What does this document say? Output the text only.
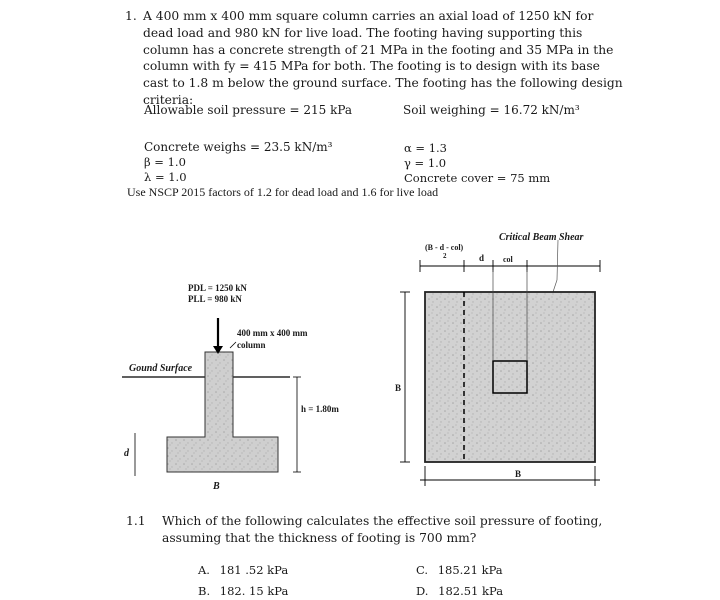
1. A 400 mm x 400 mm square column carries an axial load of 1250 kN for dead load and 980 kN for live load. The footing having supporting this column has a concrete strength of 21 MPa in the footing and 35 MPa in the column with fy = 415 MPa for both. The footing is to design with its base cast to 1.8 m below the ground surface. The footing has the following design criteria:
Allowable soil pressure = 215 kPa	Soil weighing = 16.72 kN/m³
Concrete weighs = 23.5 kN/m³	α = 1.3
β = 1.0	γ = 1.0
λ = 1.0	Concrete cover = 75 mm
Use NSCP 2015 factors of 1.2 for dead load and 1.6 for live load
PDL = 1250 kN
PLL = 980 kN
400 mm x 400 mm
column
Gound Surface
h = 1.80m
d
B
Critical Beam Shear
(B - d - col)
2	d col
B
B
1.1 Which of the following calculates the effective soil pressure of footing, assuming that the thickness of footing is 700 mm?
A. 181 .52 kPa
B. 182. 15 kPa
C. 185.21 kPa
D. 182.51 kPa
